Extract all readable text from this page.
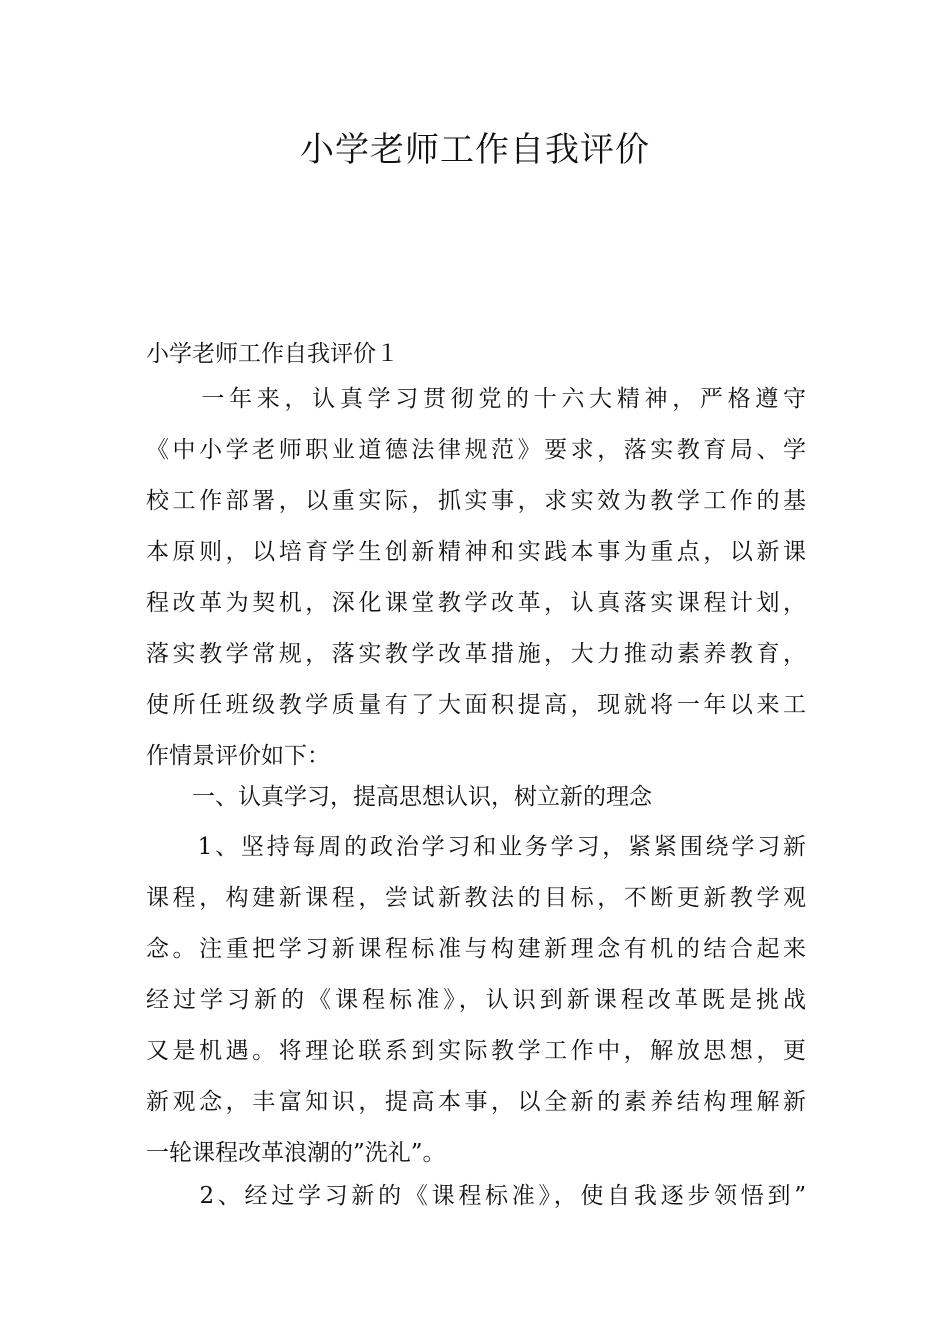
小学老师工作自我评价

小学老师工作自我评价１

　　一年来，认真学习贯彻党的十六大精神，严格遵守
《中小学老师职业道德法律规范》要求，落实教育局、学
校工作部署，以重实际，抓实事，求实效为教学工作的基
本原则，以培育学生创新精神和实践本事为重点，以新课
程改革为契机，深化课堂教学改革，认真落实课程计划，
落实教学常规，落实教学改革措施，大力推动素养教育，
使所任班级教学质量有了大面积提高，现就将一年以来工
作情景评价如下：
　　一、认真学习，提高思想认识，树立新的理念
　　1、坚持每周的政治学习和业务学习，紧紧围绕学习新
课程，构建新课程，尝试新教法的目标，不断更新教学观
念。注重把学习新课程标准与构建新理念有机的结合起来
经过学习新的《课程标准》，认识到新课程改革既是挑战
又是机遇。将理论联系到实际教学工作中，解放思想，更
新观念，丰富知识，提高本事，以全新的素养结构理解新
一轮课程改革浪潮的”洗礼”。
　　2、经过学习新的《课程标准》，使自我逐步领悟到”
